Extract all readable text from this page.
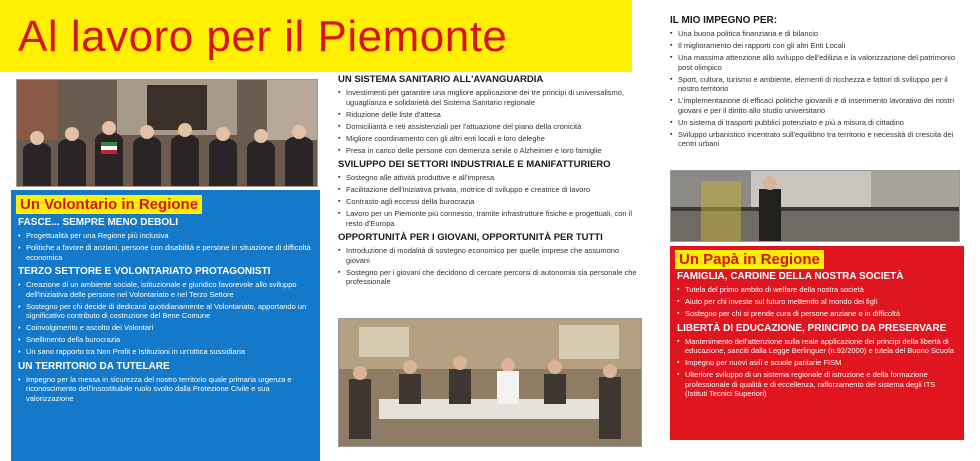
Al lavoro per il Piemonte
Un Volontario in Regione
FASCE... SEMPRE MENO DEBOLI
• Progettualità per una Regione più inclusiva
• Politiche a favore di anziani, persone con disabilità e persone in situazione di difficoltà economica
TERZO SETTORE E VOLONTARIATO PROTAGONISTI
• Creazione di un ambiente sociale, istituzionale e giuridico favorevole allo sviluppo dell'iniziativa delle persone nel Volontariato e nel Terzo Settore
• Sostegno per chi decide di dedicarsi quotidianamente al Volontariato, apportando un significativo contributo di costruzione del Bene Comune
• Coinvolgimento e ascolto dei Volontari
• Snellimento della burocrazia
• Un sano rapporto tra Non Profit e Istituzioni in un'ottica sussidiaria
UN TERRITORIO DA TUTELARE
• Impegno per la messa in sicurezza del nostro territorio quale primaria urgenza e riconoscimento dell'insostituibile ruolo svolto dalla Protezione Civile e sua valorizzazione
UN SISTEMA SANITARIO ALL'AVANGUARDIA
▪ Investimenti per garantire una migliore applicazione dei tre principi di universalismo, uguaglianza e solidarietà del Sistema Sanitario regionale
▪ Riduzione delle liste d'attesa
▪ Domiciliarità e reti assistenziali per l'attuazione del piano della cronicità
▪ Migliore coordinamento con gli altri enti locali e loro deleghe
▪ Presa in carico delle persone con demenza senile o Alzheimer e loro famiglie
SVILUPPO DEI SETTORI INDUSTRIALE E MANIFATTURIERO
▪ Sostegno alle attività produttive e all'impresa
▪ Facilitazione dell'iniziativa privata, motrice di sviluppo e creatrice di lavoro
▪ Contrasto agli eccessi della burocrazia
▪ Lavoro per un Piemonte più connesso, tramite infrastrutture fisiche e progettuali, con il resto d'Europa
OPPORTUNITÀ PER I GIOVANI, OPPORTUNITÀ PER TUTTI
▪ Introduzione di modalità di sostegno economico per quelle imprese che assumono giovani
▪ Sostegno per i giovani che decidono di cercare percorsi di autonomia sia personale che professionale
IL MIO IMPEGNO PER:
▪ Una buona politica finanziaria e di bilancio
▪ Il miglioramento dei rapporti con gli altri Enti Locali
▪ Una massima attenzione allo sviluppo dell'edilizia e la valorizzazione del patrimonio post olimpico
▪ Sport, cultura, turismo e ambiente, elementi di ricchezza e fattori di sviluppo per il nostro territorio
▪ L'implementazione di efficaci politiche giovanili e di inserimento lavorativo dei nostri giovani e per il diritto allo studio universitario
▪ Un sistema di trasporti pubblici potenziato e più a misura di cittadino
▪ Sviluppo urbanistico incentrato sull'equilibrio tra territorio e necessità di crescita dei centri urbani
Un Papà in Regione
FAMIGLIA, CARDINE DELLA NOSTRA SOCIETÀ
▪ Tutela del primo ambito di welfare della nostra società
▪ Aiuto per chi investe sul futuro mettendo al mondo dei figli
▪ Sostegno per chi si prende cura di persone anziane o in difficoltà
LIBERTÀ DI EDUCAZIONE, PRINCIPIO DA PRESERVARE
▪ Mantenimento dell'attenzione sulla reale applicazione dei principi della libertà di educazione, sanciti dalla Legge Berlinguer (n.92/2000) e tutela del Buono Scuola
▪ Impegno per nuovi asili e scuole paritarie FISM
▪ Ulteriore sviluppo di un sistema regionale di istruzione e della formazione professionale di qualità e di eccellenza, rafforzamento del sistema degli ITS (Istituti Tecnici Superiori)
